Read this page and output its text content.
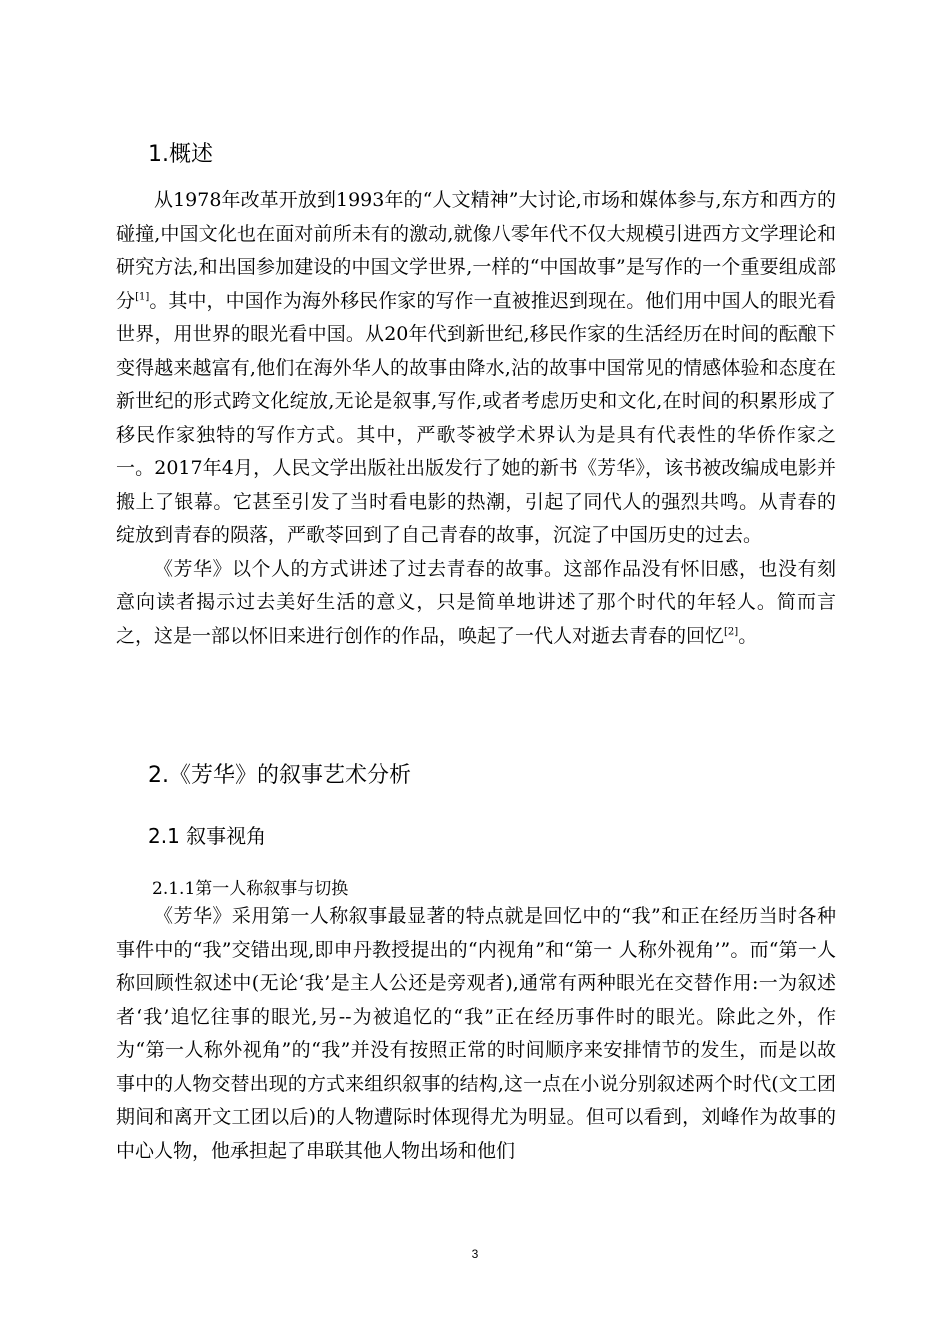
1.概述

从1978年改革开放到1993年的“人文精神”大讨论,市场和媒体参与,东方和西方的碰撞,中国文化也在面对前所未有的激动,就像八零年代不仅大规模引进西方文学理论和研究方法,和出国参加建设的中国文学世界,一样的“中国故事”是写作的一个重要组成部分[1]。其中，中国作为海外移民作家的写作一直被推迟到现在。他们用中国人的眼光看世界，用世界的眼光看中国。从20年代到新世纪,移民作家的生活经历在时间的酝酿下变得越来越富有,他们在海外华人的故事由降水,沾的故事中国常见的情感体验和态度在新世纪的形式跨文化绽放,无论是叙事,写作,或者考虑历史和文化,在时间的积累形成了移民作家独特的写作方式。其中，严歌苓被学术界认为是具有代表性的华侨作家之一。2017年4月，人民文学出版社出版发行了她的新书《芳华》，该书被改编成电影并搬上了银幕。它甚至引发了当时看电影的热潮，引起了同代人的强烈共鸣。从青春的绽放到青春的陨落，严歌苓回到了自己青春的故事，沉淀了中国历史的过去。

《芳华》以个人的方式讲述了过去青春的故事。这部作品没有怀旧感，也没有刻意向读者揭示过去美好生活的意义，只是简单地讲述了那个时代的年轻人。简而言之，这是一部以怀旧来进行创作的作品，唤起了一代人对逝去青春的回忆[2]。

2.《芳华》的叙事艺术分析
2.1 叙事视角
2.1.1第一人称叙事与切换

《芳华》采用第一人称叙事最显著的特点就是回忆中的“我”和正在经历当时各种事件中的“我”交错出现,即申丹教授提出的“内视角”和“第一 人称外视角’”。而“第一人称回顾性叙述中(无论‘我’是主人公还是旁观者),通常有两种眼光在交替作用:一为叙述者‘我’追忆往事的眼光,另--为被追忆的“我”正在经历事件时的眼光。除此之外，作为“第一人称外视角”的“我”并没有按照正常的时间顺序来安排情节的发生，而是以故事中的人物交替出现的方式来组织叙事的结构,这一点在小说分别叙述两个时代(文工团期间和离开文工团以后)的人物遭际时体现得尤为明显。但可以看到，刘峰作为故事的中心人物，他承担起了串联其他人物出场和他们

3
